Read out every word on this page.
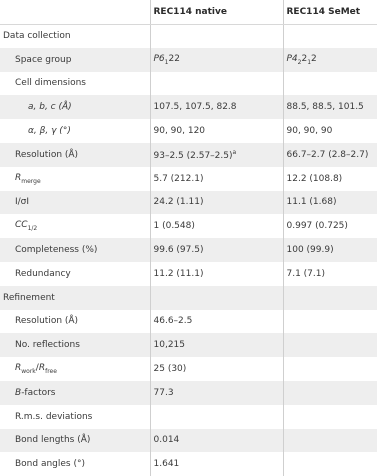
	REC114 native	REC114 SeMet
Data collection		
Space group	$P6_122$	$P4_22_12$
Cell dimensions		
a, b, c (Å)	107.5, 107.5, 82.8	88.5, 88.5, 101.5
α, β, γ (°)	90, 90, 120	90, 90, 90
Resolution (Å)	93–2.5 $(2.57-2.5)^a$	66.7–2.7 (2.8–2.7)
$R_{merge}$	5.7 (212.1)	12.2 (108.8)
I/σI	24.2 (1.11)	11.1 (1.68)
$CC_{1/2}$	1 (0.548)	0.997 (0.725)
Completeness (%)	99.6 (97.5)	100 (99.9)
Redundancy	11.2 (11.1)	7.1 (7.1)
Refinement		
Resolution (Å)	46.6–2.5	
No. reflections	10,215	
$R_{work}/R_{free}$	25 (30)	
B-factors	77.3	
R.m.s. deviations		
Bond lengths (Å)	0.014	
Bond angles (°)	1.641	
